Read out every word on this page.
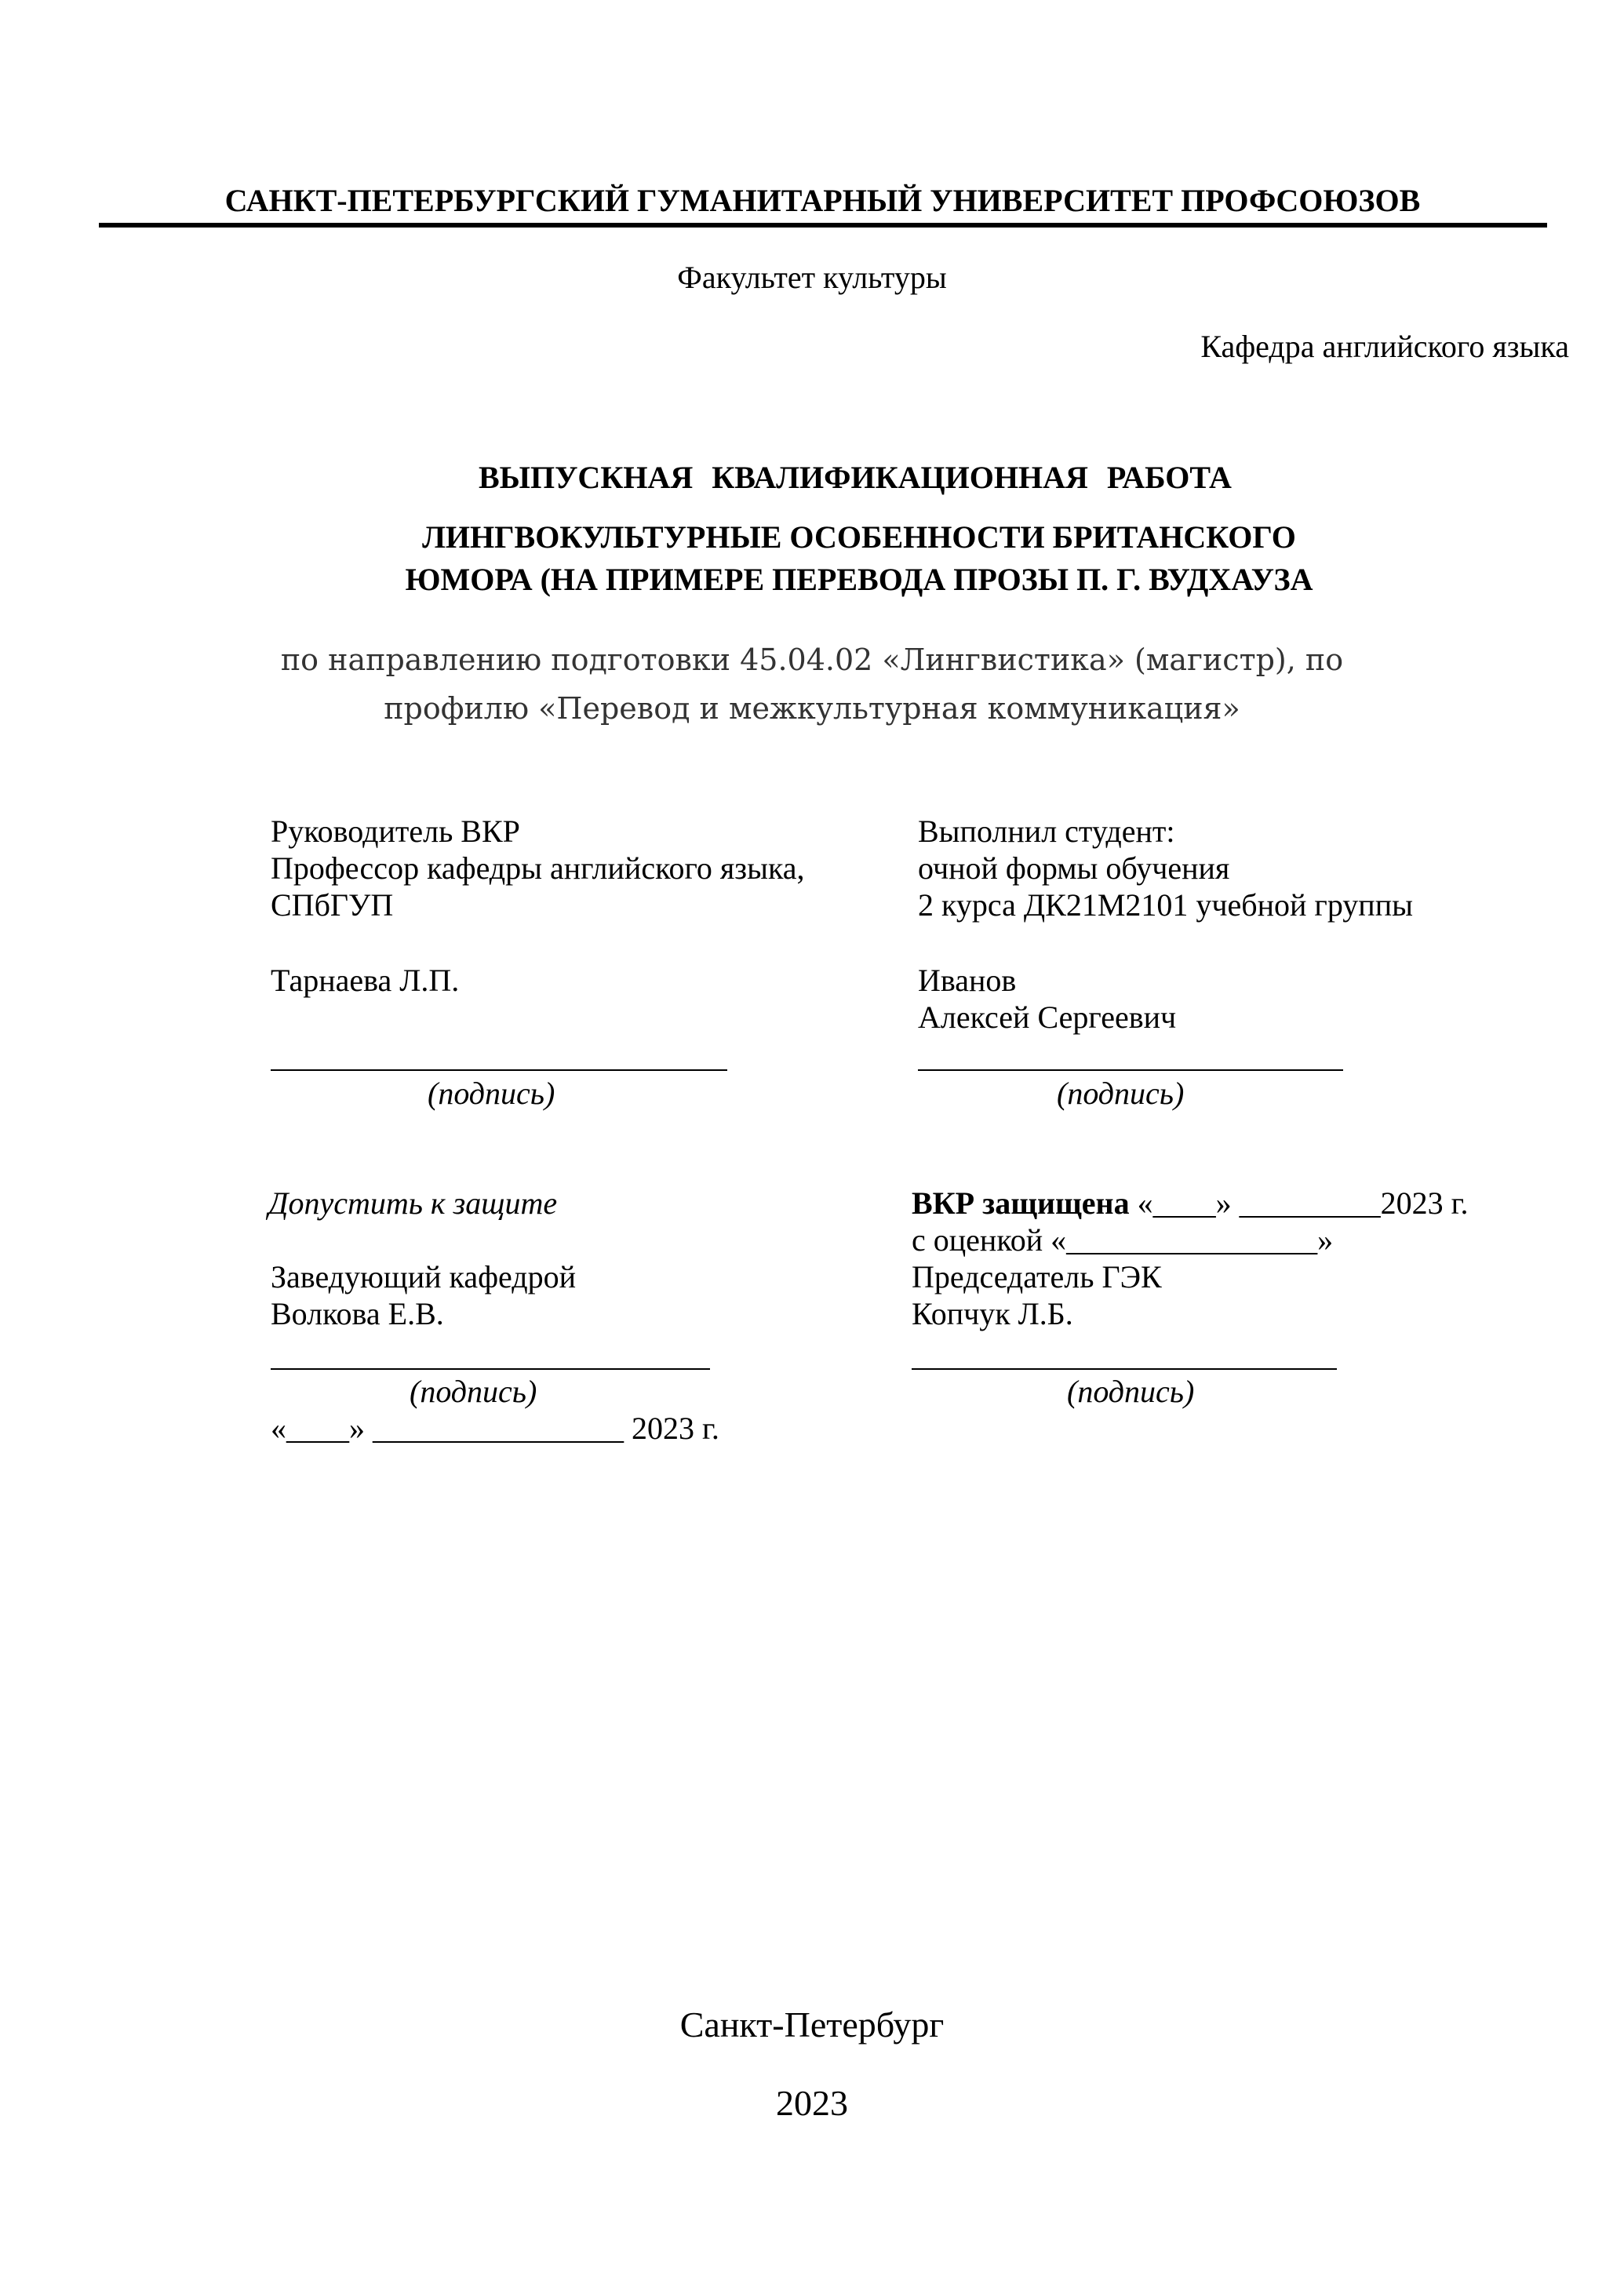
САНКТ-ПЕТЕРБУРГСКИЙ ГУМАНИТАРНЫЙ УНИВЕРСИТЕТ ПРОФСОЮЗОВ
Факультет культуры
Кафедра английского языка
ВЫПУСКНАЯ КВАЛИФИКАЦИОННАЯ РАБОТА
ЛИНГВОКУЛЬТУРНЫЕ ОСОБЕННОСТИ БРИТАНСКОГО
ЮМОРА (НА ПРИМЕРЕ ПЕРЕВОДА ПРОЗЫ П. Г. ВУДХАУЗА
по направлению подготовки 45.04.02 «Лингвистика» (магистр), по
профилю «Перевод и межкультурная коммуникация»
Руководитель ВКР
Профессор кафедры английского языка,
СПбГУП
Тарнаева Л.П.
(подпись)
Выполнил студент:
очной формы обучения
2 курса ДК21М2101 учебной группы
Иванов
Алексей Сергеевич
(подпись)
Допустить к защите
Заведующий кафедрой
Волкова Е.В.
(подпись)
«____» ________________ 2023 г.
ВКР защищена «____» _________2023 г.
с оценкой «________________»
Председатель ГЭК
Копчук Л.Б.
(подпись)
Санкт-Петербург
2023
